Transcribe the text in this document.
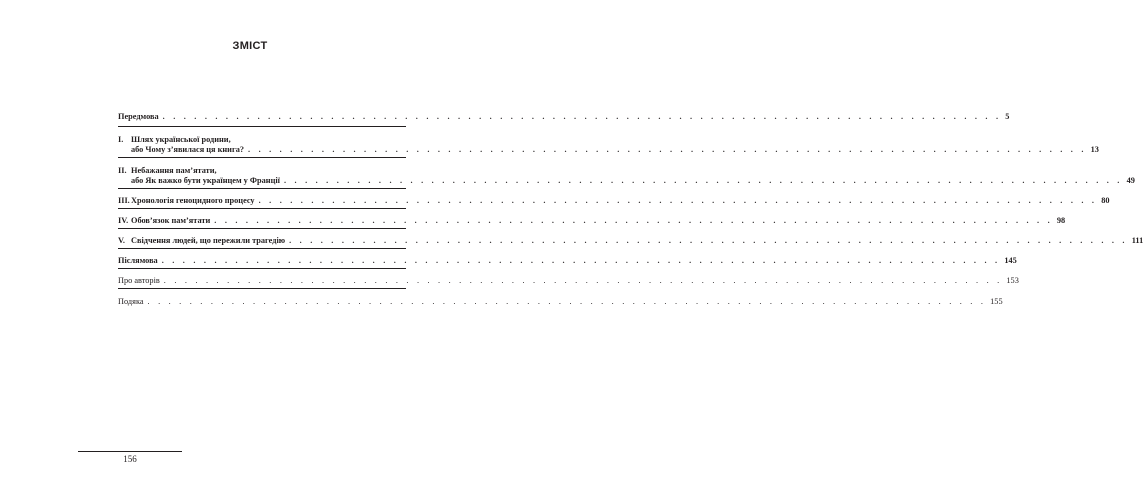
ЗМІСТ
Передмова . . . . . . . . . . . . . . . . . . . . . . . . . . . . . . . . . . . . . . . . . . . . . . . . . . . . . . . . . . . . . . . . . . . . . . . . . . . . . . . . 5
I. Шлях української родини,
або Чому з’явилася ця книга? . . . . . . . . . . . . . . . . . . . . . . . . . . . . . . . . . . . . . . . . . . . . . . . . . . . . . . . . . . . . . . . . . . . . . . . . . . . . . . . . 13
II. Небажання пам’ятати,
або Як важко бути українцем у Франції . . . . . . . . . . . . . . . . . . . . . . . . . . . . . . . . . . . . . . . . . . . . . . . . . . . . . . . . . . . . . . . . . . . . . . . . . . . . . . . . 49
III. Хронологія геноцидного процесу . . . . . . . . . . . . . . . . . . . . . . . . . . . . . . . . . . . . . . . . . . . . . . . . . . . . . . . . . . . . . . . . . . . . . . . . . . . . . . . . 80
IV. Обов’язок пам’ятати . . . . . . . . . . . . . . . . . . . . . . . . . . . . . . . . . . . . . . . . . . . . . . . . . . . . . . . . . . . . . . . . . . . . . . . . . . . . . . . . 98
V. Свідчення людей, що пережили трагедію . . . . . . . . . . . . . . . . . . . . . . . . . . . . . . . . . . . . . . . . . . . . . . . . . . . . . . . . . . . . . . . . . . . . . . . . . . . . . . . . 111
Післямова . . . . . . . . . . . . . . . . . . . . . . . . . . . . . . . . . . . . . . . . . . . . . . . . . . . . . . . . . . . . . . . . . . . . . . . . . . . . . . . . 145
Про авторів . . . . . . . . . . . . . . . . . . . . . . . . . . . . . . . . . . . . . . . . . . . . . . . . . . . . . . . . . . . . . . . . . . . . . . . . . . . . . . . . 153
Подяка . . . . . . . . . . . . . . . . . . . . . . . . . . . . . . . . . . . . . . . . . . . . . . . . . . . . . . . . . . . . . . . . . . . . . . . . . . . . . . . . 155
156
